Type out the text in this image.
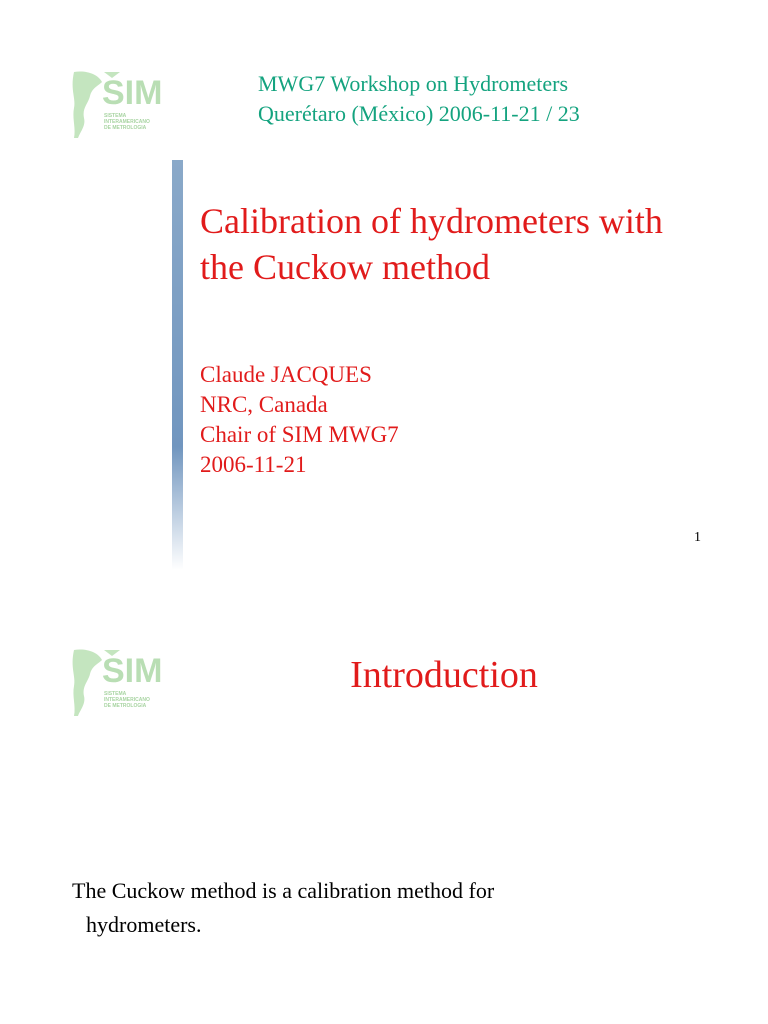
SIM
SISTEMA
INTERAMERICANO
DE METROLOGIA
MWG7 Workshop on Hydrometers
Querétaro (México) 2006-11-21 / 23
Calibration of hydrometers with
the Cuckow method
Claude JACQUES
NRC, Canada
Chair of SIM MWG7
2006-11-21
1
SIM
SISTEMA
INTERAMERICANO
DE METROLOGIA
Introduction
The Cuckow method is a calibration method for
hydrometers.
